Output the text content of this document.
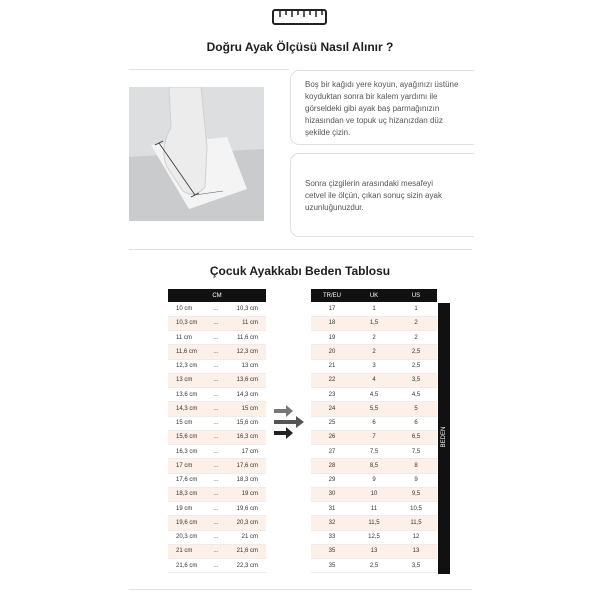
Doğru Ayak Ölçüsü Nasıl Alınır ?
Boş bir kağıdı yere koyun, ayağınızı üstüne
koyduktan sonra bir kalem yardımı ile
görseldeki gibi ayak baş parmağınızın
hizasından ve topuk uç hizanızdan düz
şekilde çizin.
Sonra çizgilerin arasındaki mesafeyi
cetvel ile ölçün, çıkan sonuç sizin ayak
uzunluğunuzdur.
Çocuk Ayakkabı Beden Tablosu
CM		
10 cm	...	10,3 cm
10,3 cm	...	11 cm
11 cm	...	11,6 cm
11,6 cm	...	12,3 cm
12,3 cm	...	13 cm
13 cm	...	13,6 cm
13,6 cm	...	14,3 cm
14,3 cm	...	15 cm
15 cm	...	15,6 cm
15,6 cm	...	16,3 cm
16,3 cm	...	17 cm
17 cm	...	17,6 cm
17,6 cm	...	18,3 cm
18,3 cm	...	19 cm
19 cm	...	19,6 cm
19,6 cm	...	20,3 cm
20,3 cm	...	21 cm
21 cm	...	21,6 cm
21,6 cm	...	22,3 cm
TR/EU	UK	US
17	1	1
18	1,5	2
19	2	2
20	2	2,5
21	3	2,5
22	4	3,5
23	4,5	4,5
24	5,5	5
25	6	6
26	7	6,5
27	7,5	7,5
28	8,5	8
29	9	9
30	10	9,5
31	11	10,5
32	11,5	11,5
33	12,5	12
35	13	13
35	2,5	3,5
BEDEN
